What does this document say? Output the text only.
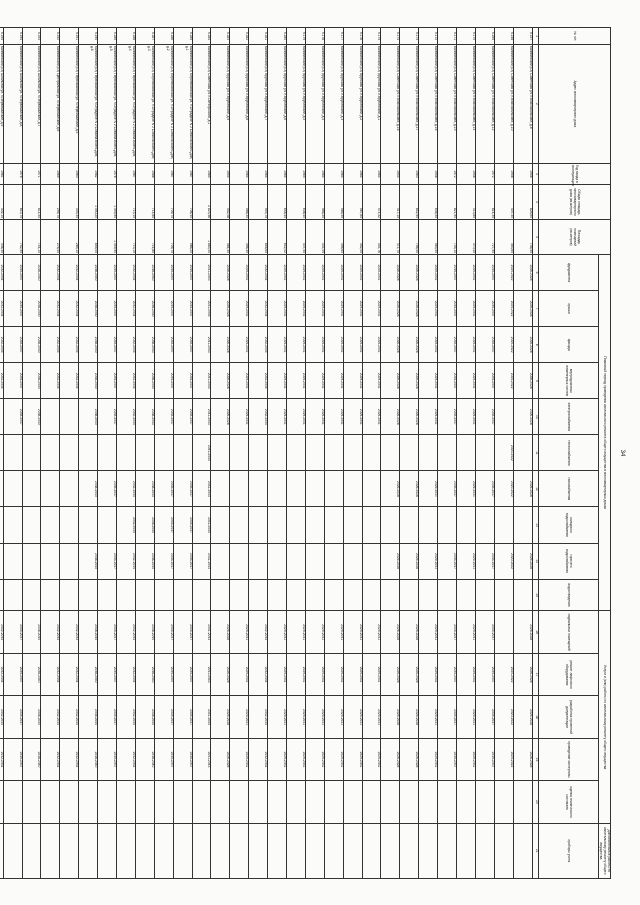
34
№ п/п	Адрес многоквартирного дома	Год ввода в эксплуатацию	Общая площадь многоквартирного дома (кв.метров)	Площадь помещений (кв.метров)	Плановый период проведения капитального ремонта общего имущества в многоквартирных домах										Услуги и (или) работы по капитальному ремонту общего имущества					Дополнительные работы по капитальному ремонту общего имущества
					фундамента	крыши	фасада	внутридомовых инженерных систем	электроснабжения	теплоснабжения	газоснабжения	холодного водоснабжения	горячего водоснабжения	водоотведения	подвальных помещений	ремонт лифтового оборудования	разработка проектной документации	проведение экспертизы	оценка технического состояния	приборы учета
1	2	3	4	5	6	7	8	9	10	11	12	13	14	15	16	17	18	19	20	21
9.157	Калининский р-н, Советская ул. п.Комсомольский, д.8	1958	826,60	736,50	2026-2028	2026-2028	2026-2028	2026-2028	2026-2028		2026-2028		2026-2028		2026-2028	2026-2028	2026-2028	2026-2028		
9.158	Калининский р-н, Советская ул. п.Комсомольский, д.10	1958	407,40	363,60	2020-2022	2020-2022	2020-2022	2020-2022		2020-2022	2020-2022		2020-2022			2020-2022	2020-2022	2020-2022		
9.169	Калининский р-н, Советская ул. п.Комсомольский, д.12	1972	814,30	727,50	2035-2037	2035-2037	2035-2037	2035-2037	2035-2037		2035-2037		2035-2037		2035-2037	2035-2037	2035-2037	2035-2037		
9.170	Калининский р-н, Советская ул. п.Комсомольский, д.14	1958	413,80	370,40	2029-2031	2029-2031	2029-2031	2029-2031	2029-2031		2029-2031		2029-2031		2029-2031	2029-2031	2029-2031	2029-2031		
9.171	Калининский р-н, Советская ул. п.Комсомольский, д.15	1972	821,90	735,10	2035-2037	2035-2037	2035-2037	2035-2037	2035-2037		2035-2037		2035-2037		2035-2037	2035-2037	2035-2037	2035-2037		
9.172	Калининский р-н, Советская ул. п.Комсомольский, д.16	1958	636,50	563,50	2029-2031	2029-2031	2029-2031	2029-2031	2029-2031		2029-2031		2029-2031		2029-2031	2029-2031	2029-2031	2029-2031		
9.173	Калининский р-н, Советская ул. п.Комсомольский, д.17	1960	842,90	756,00	2026-2028	2026-2028	2026-2028	2026-2028	2026-2028		2026-2028		2026-2028		2026-2028	2026-2028	2026-2028	2026-2028		
9.174	Калининский р-н, Советская ул. п.Комсомольский, д.18	1954	417,10	371,70	2026-2028	2026-2028	2026-2028	2026-2028	2026-2028		2026-2028		2026-2028		2026-2028	2026-2028	2026-2028	2026-2028		
9.175	Калининский р-н, Крупская ул. п.Крупинский, д.1	1964	574,52	391,76	2029-2031	2029-2031	2029-2031	2029-2031	2029-2031						2029-2031	2029-2031	2029-2031	2029-2031		
9.176	Калининский р-н, Крупская ул. п.Крупинский, д.2	1964	567,80	392,00	2029-2031	2029-2031	2029-2031	2029-2031	2029-2031						2029-2031	2029-2031	2029-2031	2029-2031		
9.177	Калининский р-н, Крупская ул. п.Крупинский, д.3	1964	566,55	396,60	2029-2031	2029-2031	2029-2031	2029-2031	2029-2031						2029-2031	2029-2031	2029-2031	2029-2031		
9.178	Калининский р-н, Крупская ул. п.Крупинский, д.4	1964	566,20	401,00	2029-2031	2029-2031	2029-2031	2029-2031	2029-2031						2029-2031	2029-2031	2029-2031	2029-2031		
9.179	Калининский р-н, Крупская ул. п.Крупинский, д.5	1965	608,40	407,50	2029-2031	2029-2031	2029-2031	2029-2031	2029-2031						2029-2031	2029-2031	2029-2031	2029-2031		
9.180	Калининский р-н, Крупская ул. п.Крупинский, д.6	1964	648,40	642,02	2029-2031	2029-2031	2029-2031	2029-2031	2029-2031						2029-2031	2029-2031	2029-2031	2029-2031		
9.181	Калининский р-н, Крупская ул. п.Крупинский, д.7	1964	953,75	846,60	2032-2034	2032-2034	2032-2034	2032-2034	2032-2034						2032-2034	2032-2034	2032-2034	2032-2034		
9.182	Калининский р-н, Крупская ул. п.Крупинский, д.8	1964	568,30	396,30	2029-2031	2029-2031	2029-2031	2029-2031	2029-2031						2029-2031	2029-2031	2029-2031	2029-2031		
9.183	Калининский р-н, Крупская ул. п.Крупинский, д.9	1954	552,08	364,30	2026-2028	2026-2028	2026-2028	2026-2028	2026-2028						2026-2028	2026-2028	2026-2028	2026-2028		
9.184	Калининский р-н, Советская ул. п.Октябрьский, д.1	1985	2 823,56	1 883,00	2041-2043	2041-2043	2041-2043	2041-2043	2041-2043	2041-2043	2041-2043	2041-2043	2041-2043		2041-2043	2041-2043	2041-2043	2041-2043		
9.185	Калининский р-н, Березняковская ул. п.Отрадное N 2 Совхоза Волго-Дон, д.1	1987	706,40	586,20	2035-2037	2035-2037	2035-2037	2035-2037	2035-2037		2035-2037	2035-2037	2035-2037		2035-2037	2035-2037	2035-2037	2035-2037		
9.186	Калининский р-н, Березняковская ул. п.Отрадное N 2 Совхоза Волго-Дон, д.2	1987	709,70	709,70	2035-2037	2035-2037	2035-2037	2035-2037	2035-2037		2035-2037	2035-2037	2035-2037		2035-2037	2035-2037	2035-2037	2035-2037		
9.187	Калининский р-н, Березняковская ул. п.Отрадное N 2 Совхоза Волго-Дон, д.3	1988	714,80	714,80	2038-2040	2038-2040	2038-2040	2038-2040	2038-2040		2038-2040	2038-2040	2038-2040		2038-2040	2038-2040	2038-2040	2038-2040		
9.188	Калининский р-н, Первомайская ул. п.Отрадное N 2 Совхоза Волго-Дон, д.4	1987	713,10	713,10	2032-2034	2032-2034	2032-2034	2032-2034	2032-2034		2032-2034	2032-2034	2032-2034		2032-2034	2032-2034	2032-2034	2032-2034		
9.189	Калининский р-н, Первомайская ул. п.Отрадное N 2 Совхоза Волго-Дон, д.5	1976	1 049,90	1 049,90	2035-2037	2035-2037	2035-2037	2035-2037	2035-2037		2035-2037		2035-2037		2035-2037	2035-2037	2035-2037	2035-2037		
9.190	Калининский р-н, Первомайская ул. п.Отрадное N 2 Совхоза Волго-Дон, д.6	1982	1 050,20	855,00	2038-2040	2038-2040	2038-2040	2038-2040	2038-2040		2038-2040		2038-2040		2038-2040	2038-2040	2038-2040	2038-2040		
9.191	Калининский р-н, Первомайская ул. п.Первомайский, д.5	1960	303,30	285,10	2032-2034	2032-2034	2032-2034	2032-2034							2032-2034	2032-2034	2032-2034	2032-2034		
9.192	Калининский р-н, Центральная ул. п.Первомайский, д.6	1969	299,70	276,00	2032-2034	2032-2034	2032-2034	2032-2034							2032-2034	2032-2034	2032-2034	2032-2034		
9.193	Калининский р-н, Школьная ул. п.Первомайский, д.7	1971	814,50	744,10	2038-2040	2038-2040	2038-2040	2038-2040	2038-2040						2038-2040	2038-2040	2038-2040	2038-2040		
9.194	Калининский р-н, Школьная ул. п.Первомайский, д.8	1976	813,70	752,50	2035-2037	2035-2037	2035-2037	2035-2037	2035-2037						2035-2037	2035-2037	2035-2037	2035-2037		
9.195	Калининский р-н, Школьная ул. п.Первомайский, д.9	1981	402,10	336,30	2032-2034	2032-2034	2032-2034	2032-2034							2032-2034	2032-2034	2032-2034	2032-2034		
